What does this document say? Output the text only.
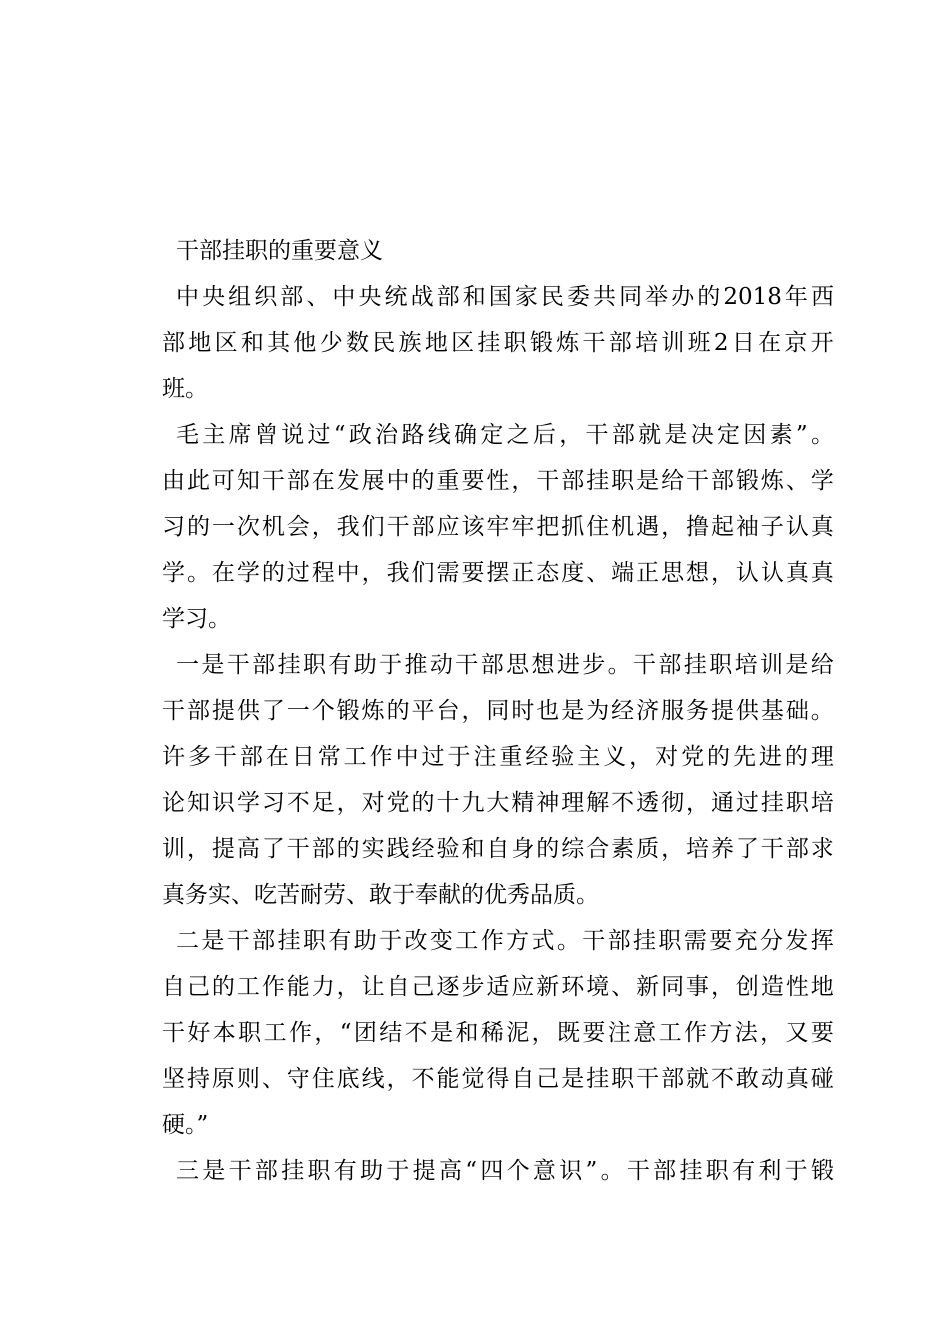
干部挂职的重要意义
中 央 组 织 部 、 中 央 统 战 部 和 国 家 民 委 共 同 举 办 的 2018 年 西
部 地 区 和 其 他 少 数 民 族 地 区 挂 职 锻 炼 干 部 培 训 班 2 日 在 京 开
班。
毛 主 席 曾 说 过 “ 政 治 路 线 确 定 之 后 ， 干 部 就 是 决 定 因 素 ” 。
由 此 可 知 干 部 在 发 展 中 的 重 要 性 ， 干 部 挂 职 是 给 干 部 锻 炼 、 学
习 的 一 次 机 会 ， 我 们 干 部 应 该 牢 牢 把 抓 住 机 遇 ， 撸 起 袖 子 认 真
学 。 在 学 的 过 程 中 ， 我 们 需 要 摆 正 态 度 、 端 正 思 想 ， 认 认 真 真
学习。
一 是 干 部 挂 职 有 助 于 推 动 干 部 思 想 进 步 。 干 部 挂 职 培 训 是 给
干 部 提 供 了 一 个 锻 炼 的 平 台 ， 同 时 也 是 为 经 济 服 务 提 供 基 础 。
许 多 干 部 在 日 常 工 作 中 过 于 注 重 经 验 主 义 ， 对 党 的 先 进 的 理
论 知 识 学 习 不 足 ， 对 党 的 十 九 大 精 神 理 解 不 透 彻 ， 通 过 挂 职 培
训 ， 提 高 了 干 部 的 实 践 经 验 和 自 身 的 综 合 素 质 ， 培 养 了 干 部 求
真务实、吃苦耐劳、敢于奉献的优秀品质。
二 是 干 部 挂 职 有 助 于 改 变 工 作 方 式 。 干 部 挂 职 需 要 充 分 发 挥
自 己 的 工 作 能 力 ， 让 自 己 逐 步 适 应 新 环 境 、 新 同 事 ， 创 造 性 地
干 好 本 职 工 作 ， “ 团 结 不 是 和 稀 泥 ， 既 要 注 意 工 作 方 法 ， 又 要
坚 持 原 则 、 守 住 底 线 ， 不 能 觉 得 自 己 是 挂 职 干 部 就 不 敢 动 真 碰
硬。”
三 是 干 部 挂 职 有 助 于 提 高 “ 四 个 意 识 ” 。 干 部 挂 职 有 利 于 锻
